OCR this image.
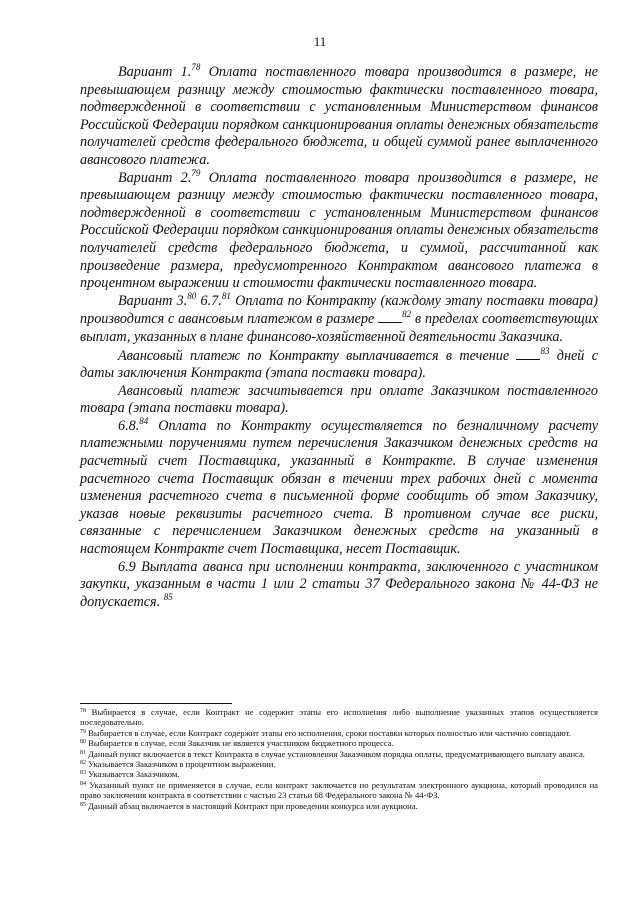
11

Вариант 1.78 Оплата поставленного товара производится в размере, не превышающем разницу между стоимостью фактически поставленного товара, подтвержденной в соответствии с установленным Министерством финансов Российской Федерации порядком санкционирования оплаты денежных обязательств получателей средств федерального бюджета, и общей суммой ранее выплаченного авансового платежа.

Вариант 2.79 Оплата поставленного товара производится в размере, не превышающем разницу между стоимостью фактически поставленного товара, подтвержденной в соответствии с установленным Министерством финансов Российской Федерации порядком санкционирования оплаты денежных обязательств получателей средств федерального бюджета, и суммой, рассчитанной как произведение размера, предусмотренного Контрактом авансового платежа в процентном выражении и стоимости фактически поставленного товара.

Вариант 3.80 6.7.81 Оплата по Контракту (каждому этапу поставки товара) производится с авансовым платежом в размере	$^{82}$ в пределах соответствующих выплат, указанных в плане финансово-хозяйственной деятельности Заказчика.

Авансовый платеж по Контракту выплачивается в течение	$^{83}$ дней с даты заключения Контракта (этапа поставки товара).

Авансовый платеж засчитывается при оплате Заказчиком поставленного товара (этапа поставки товара).

6.8.84 Оплата по Контракту осуществляется по безналичному расчету платежными поручениями путем перечисления Заказчиком денежных средств на расчетный счет Поставщика, указанный в Контракте. В случае изменения расчетного счета Поставщик обязан в течении трех рабочих дней с момента изменения расчетного счета в письменной форме сообщить об этом Заказчику, указав новые реквизиты расчетного счета. В противном случае все риски, связанные с перечислением Заказчиком денежных средств на указанный в настоящем Контракте счет Поставщика, несет Поставщик.

6.9 Выплата аванса при исполнении контракта, заключенного с участником закупки, указанным в части 1 или 2 статьи 37 Федерального закона № 44-ФЗ не допускается. $^{85}$

$^{78}$ Выбирается в случае, если Контракт не содержит этапы его исполнения либо выполнение указанных этапов осуществляется последовательно.
$^{79}$ Выбирается в случае, если Контракт содержит этапы его исполнения, сроки поставки которых полностью или частично совпадают.
$^{80}$ Выбирается в случае, если Заказчик не является участником бюджетного процесса.
$^{81}$ Данный пункт включается в текст Контракта в случае установления Заказчиком порядка оплаты, предусматривающего выплату аванса.
$^{82}$ Указывается Заказчиком в процентном выражении.
$^{83}$ Указывается Заказчиком.
$^{84}$ Указанный пункт не применяется в случае, если контракт заключается по результатам электронного аукциона, который проводился на право заключения контракта в соответствии с частью 23 статьи 68 Федерального закона № 44-ФЗ.
$^{85}$ Данный абзац включается в настоящий Контракт при проведении конкурса или аукциона.
